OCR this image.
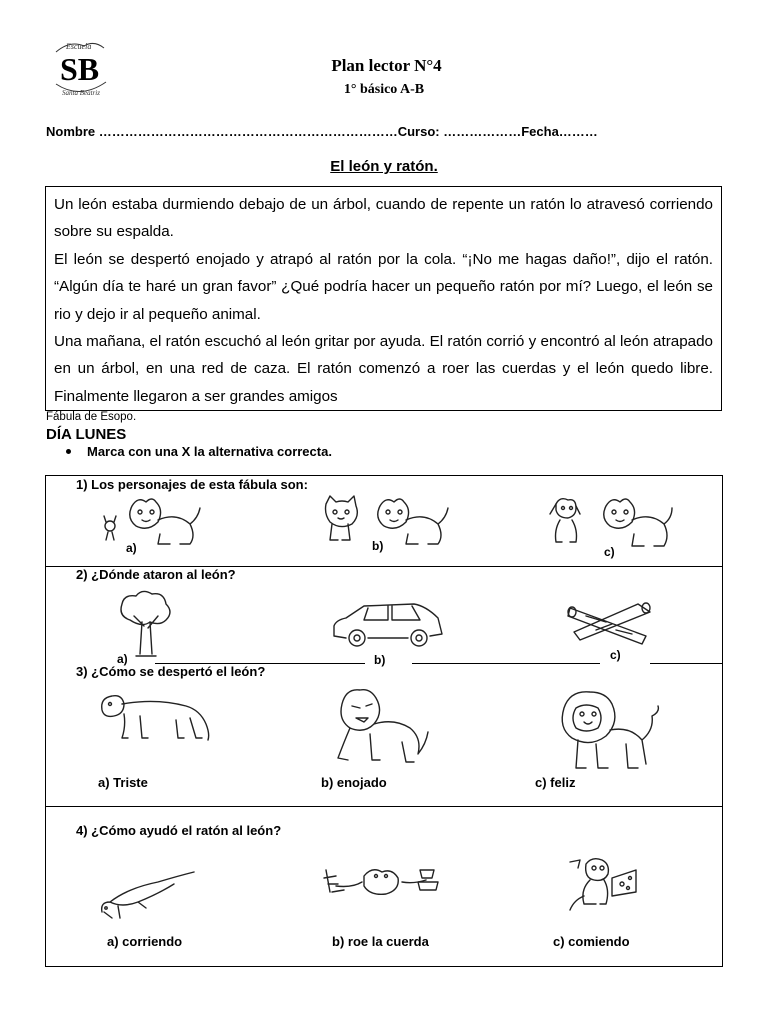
Escuela
SB
Santa Beatriz
Plan lector N°4
1° básico A-B
Nombre ……………………………………………………………Curso: ………………Fecha………
El león y ratón.

Un león estaba durmiendo debajo de un árbol, cuando de repente un ratón lo atravesó corriendo sobre su espalda.

El león se despertó enojado y atrapó al ratón por la cola. “¡No me hagas daño!”, dijo el ratón. “Algún día te haré un gran favor” ¿Qué podría hacer un pequeño ratón por mí? Luego, el león se rio y dejo ir al pequeño animal.

Una mañana, el ratón escuchó al león gritar por ayuda. El ratón corrió y encontró al león atrapado en un árbol, en una red de caza. El ratón comenzó a roer las cuerdas y el león quedo libre. Finalmente llegaron a ser grandes amigos

Fábula de Esopo.
DÍA LUNES
Marca con una X la alternativa correcta.
1) Los personajes de esta fábula son:
a)	b)	c)
2) ¿Dónde ataron al león?
a)	b)	c)
3) ¿Cómo se despertó el león?
a) Triste	b) enojado	c) feliz
4) ¿Cómo ayudó el ratón al león?
a) corriendo	b) roe la cuerda	c) comiendo
